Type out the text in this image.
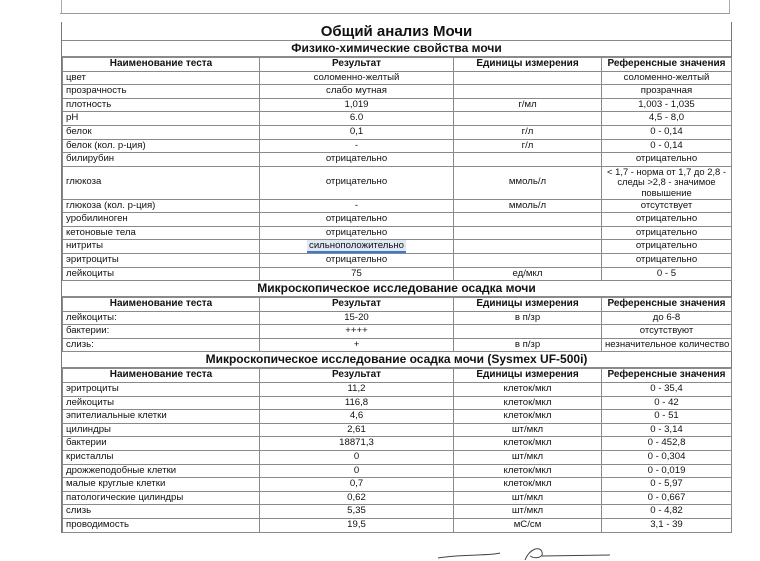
Общий анализ Мочи
Физико-химические свойства мочи
Наименование теста	Результат	Единицы измерения	Референсные значения
цвет	соломенно-желтый		соломенно-желтый
прозрачность	слабо мутная		прозрачная
плотность	1,019	г/мл	1,003 - 1,035
pH	6.0		4,5 - 8,0
белок	0,1	г/л	0 - 0,14
белок (кол. р-ция)	-	г/л	0 - 0,14
билирубин	отрицательно		отрицательно
глюкоза	отрицательно	ммоль/л	< 1,7 - норма от 1,7 до 2,8 - следы >2,8 - значимое повышение
глюкоза (кол. р-ция)	-	ммоль/л	отсутствует
уробилиноген	отрицательно		отрицательно
кетоновые тела	отрицательно		отрицательно
нитриты	сильноположительно		отрицательно
эритроциты	отрицательно		отрицательно
лейкоциты	75	ед/мкл	0 - 5
Микроскопическое исследование осадка мочи
Наименование теста	Результат	Единицы измерения	Референсные значения
лейкоциты:	15-20	в п/зр	до 6-8
бактерии:	++++		отсутствуют
слизь:	+	в п/зр	незначительное количество
Микроскопическое исследование осадка мочи (Sysmex UF-500i)
Наименование теста	Результат	Единицы измерения	Референсные значения
эритроциты	11,2	клеток/мкл	0 - 35,4
лейкоциты	116,8	клеток/мкл	0 - 42
эпителиальные клетки	4,6	клеток/мкл	0 - 51
цилиндры	2,61	шт/мкл	0 - 3,14
бактерии	18871,3	клеток/мкл	0 - 452,8
кристаллы	0	шт/мкл	0 - 0,304
дрожжеподобные клетки	0	клеток/мкл	0 - 0,019
малые круглые клетки	0,7	клеток/мкл	0 - 5,97
патологические цилиндры	0,62	шт/мкл	0 - 0,667
слизь	5,35	шт/мкл	0 - 4,82
проводимость	19,5	мС/см	3,1 - 39
